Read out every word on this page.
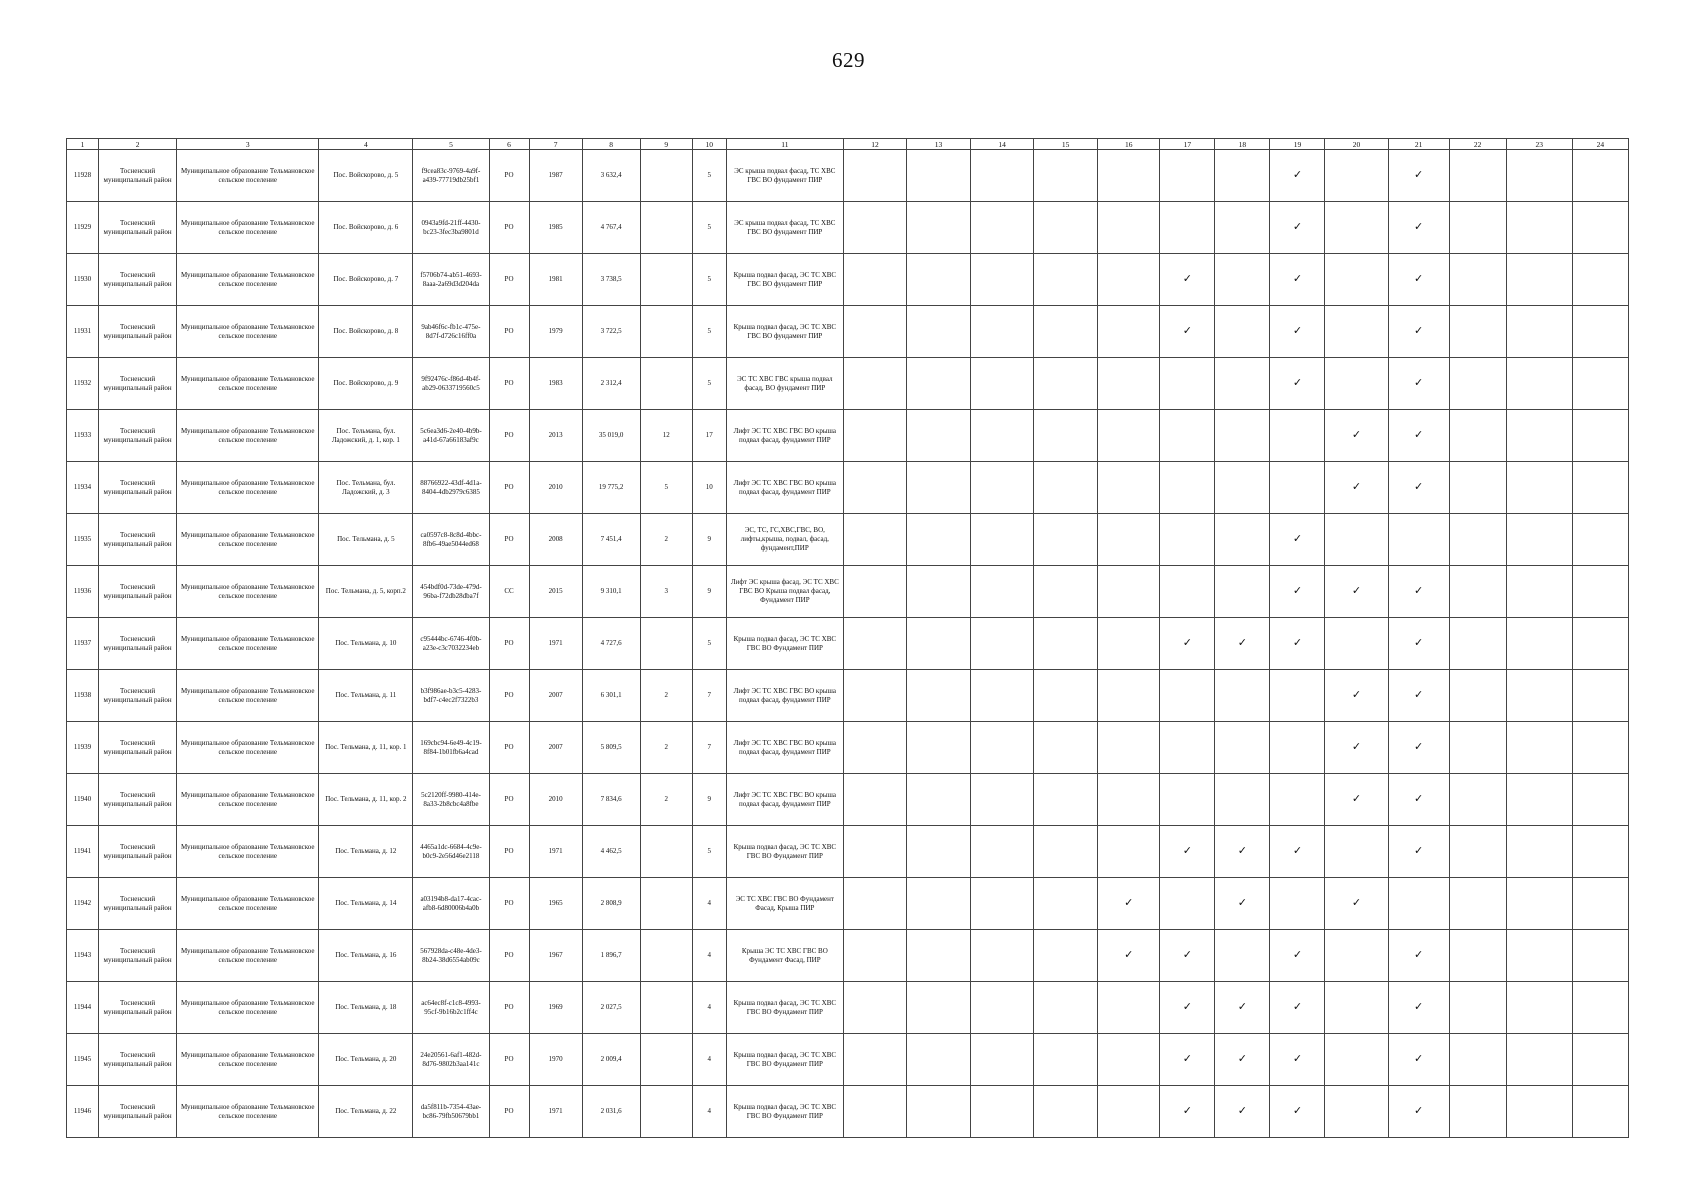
629
1	2	3	4	5	6	7	8	9	10	11	12	13	14	15	16	17	18	19	20	21	22	23	24
11928	Тосненский муниципальный район	Муниципальное образование Тельмановское сельское поселение	Пос. Войскорово, д. 5	f9cea83c-9769-4a9f-a439-77719db25bf1	РО	1987	3 632,4		5	ЭС крыша подвал фасад, ТС ХВС ГВС ВО фундамент ПИР								✓		✓			
11929	Тосненский муниципальный район	Муниципальное образование Тельмановское сельское поселение	Пос. Войскорово, д. 6	0943a9fd-21ff-4430-bc23-3fec3ba9801d	РО	1985	4 767,4		5	ЭС крыша подвал фасад, ТС ХВС ГВС ВО фундамент ПИР								✓		✓			
11930	Тосненский муниципальный район	Муниципальное образование Тельмановское сельское поселение	Пос. Войскорово, д. 7	f5706b74-ab51-4693-8aaa-2a69d3d204da	РО	1981	3 738,5		5	Крыша подвал фасад, ЭС ТС ХВС ГВС ВО фундамент ПИР						✓		✓		✓			
11931	Тосненский муниципальный район	Муниципальное образование Тельмановское сельское поселение	Пос. Войскорово, д. 8	9ab46f6c-fb1c-475e-8d7f-d726c16ff0a	РО	1979	3 722,5		5	Крыша подвал фасад, ЭС ТС ХВС ГВС ВО фундамент ПИР						✓		✓		✓			
11932	Тосненский муниципальный район	Муниципальное образование Тельмановское сельское поселение	Пос. Войскорово, д. 9	9f92476c-f86d-4b4f-ab29-0633719560c5	РО	1983	2 312,4		5	ЭС ТС ХВС ГВС крыша подвал фасад, ВО фундамент ПИР								✓		✓			
11933	Тосненский муниципальный район	Муниципальное образование Тельмановское сельское поселение	Пос. Тельмана, бул. Ладожский, д. 1, кор. 1	5c6ea3d6-2e40-4b9b-a41d-67a66183af9c	РО	2013	35 019,0	12	17	Лифт ЭС ТС ХВС ГВС ВО крыша подвал фасад, фундамент ПИР									✓	✓			
11934	Тосненский муниципальный район	Муниципальное образование Тельмановское сельское поселение	Пос. Тельмана, бул. Ладожский, д. 3	88766922-43df-4d1a-8404-4db2979c6385	РО	2010	19 775,2	5	10	Лифт ЭС ТС ХВС ГВС ВО крыша подвал фасад, фундамент ПИР									✓	✓			
11935	Тосненский муниципальный район	Муниципальное образование Тельмановское сельское поселение	Пос. Тельмана, д. 5	ca0597c8-8c8d-4bbc-8fb6-49ae5044ed68	РО	2008	7 451,4	2	9	ЭС, ТС, ГС,ХВС,ГВС, ВО, лифты,крыша, подвал, фасад, фундамент,ПИР								✓					
11936	Тосненский муниципальный район	Муниципальное образование Тельмановское сельское поселение	Пос. Тельмана, д. 5, корп.2	454bdf0d-73de-479d-96ba-f72db28dba7f	СС	2015	9 310,1	3	9	Лифт ЭС крыша фасад, ЭС ТС ХВС ГВС ВО Крыша подвал фасад, Фундамент ПИР								✓	✓	✓			
11937	Тосненский муниципальный район	Муниципальное образование Тельмановское сельское поселение	Пос. Тельмана, д. 10	c95444bc-6746-4f0b-a23e-c3c7032234eb	РО	1971	4 727,6		5	Крыша подвал фасад, ЭС ТС ХВС ГВС ВО Фундамент ПИР						✓	✓	✓		✓			
11938	Тосненский муниципальный район	Муниципальное образование Тельмановское сельское поселение	Пос. Тельмана, д. 11	b3f986ae-b3c5-4283-bdf7-c4ec2f7322b3	РО	2007	6 301,1	2	7	Лифт ЭС ТС ХВС ГВС ВО крыша подвал фасад, фундамент ПИР									✓	✓			
11939	Тосненский муниципальный район	Муниципальное образование Тельмановское сельское поселение	Пос. Тельмана, д. 11, кор. 1	169cbc94-6e49-4c19-8f84-1b01fb6a4cad	РО	2007	5 809,5	2	7	Лифт ЭС ТС ХВС ГВС ВО крыша подвал фасад, фундамент ПИР									✓	✓			
11940	Тосненский муниципальный район	Муниципальное образование Тельмановское сельское поселение	Пос. Тельмана, д. 11, кор. 2	5c2120ff-9980-414e-8a33-2b8cbc4a8fbe	РО	2010	7 834,6	2	9	Лифт ЭС ТС ХВС ГВС ВО крыша подвал фасад, фундамент ПИР									✓	✓			
11941	Тосненский муниципальный район	Муниципальное образование Тельмановское сельское поселение	Пос. Тельмана, д. 12	4465a1dc-6684-4c9e-b0c9-2e56d46e2118	РО	1971	4 462,5		5	Крыша подвал фасад, ЭС ТС ХВС ГВС ВО Фундамент ПИР						✓	✓	✓		✓			
11942	Тосненский муниципальный район	Муниципальное образование Тельмановское сельское поселение	Пос. Тельмана, д. 14	a03194b8-da17-4cac-afb8-6d80006b4a0b	РО	1965	2 808,9		4	ЭС ТС ХВС ГВС ВО Фундамент Фасад, Крыша ПИР					✓		✓		✓				
11943	Тосненский муниципальный район	Муниципальное образование Тельмановское сельское поселение	Пос. Тельмана, д. 16	567928da-c48e-4de3-8b24-38d6554ab09c	РО	1967	1 896,7		4	Крыша ЭС ТС ХВС ГВС ВО Фундамент Фасад, ПИР					✓	✓		✓		✓			
11944	Тосненский муниципальный район	Муниципальное образование Тельмановское сельское поселение	Пос. Тельмана, д. 18	ac64ec8f-c1c8-4993-95cf-9b16b2c1ff4c	РО	1969	2 027,5		4	Крыша подвал фасад, ЭС ТС ХВС ГВС ВО Фундамент ПИР						✓	✓	✓		✓			
11945	Тосненский муниципальный район	Муниципальное образование Тельмановское сельское поселение	Пос. Тельмана, д. 20	24e20561-6af1-482d-8d76-9802b3aa141c	РО	1970	2 009,4		4	Крыша подвал фасад, ЭС ТС ХВС ГВС ВО Фундамент ПИР						✓	✓	✓		✓			
11946	Тосненский муниципальный район	Муниципальное образование Тельмановское сельское поселение	Пос. Тельмана, д. 22	da5f811b-7354-43ae-bc86-79fb50679bb1	РО	1971	2 031,6		4	Крыша подвал фасад, ЭС ТС ХВС ГВС ВО Фундамент ПИР						✓	✓	✓		✓			
